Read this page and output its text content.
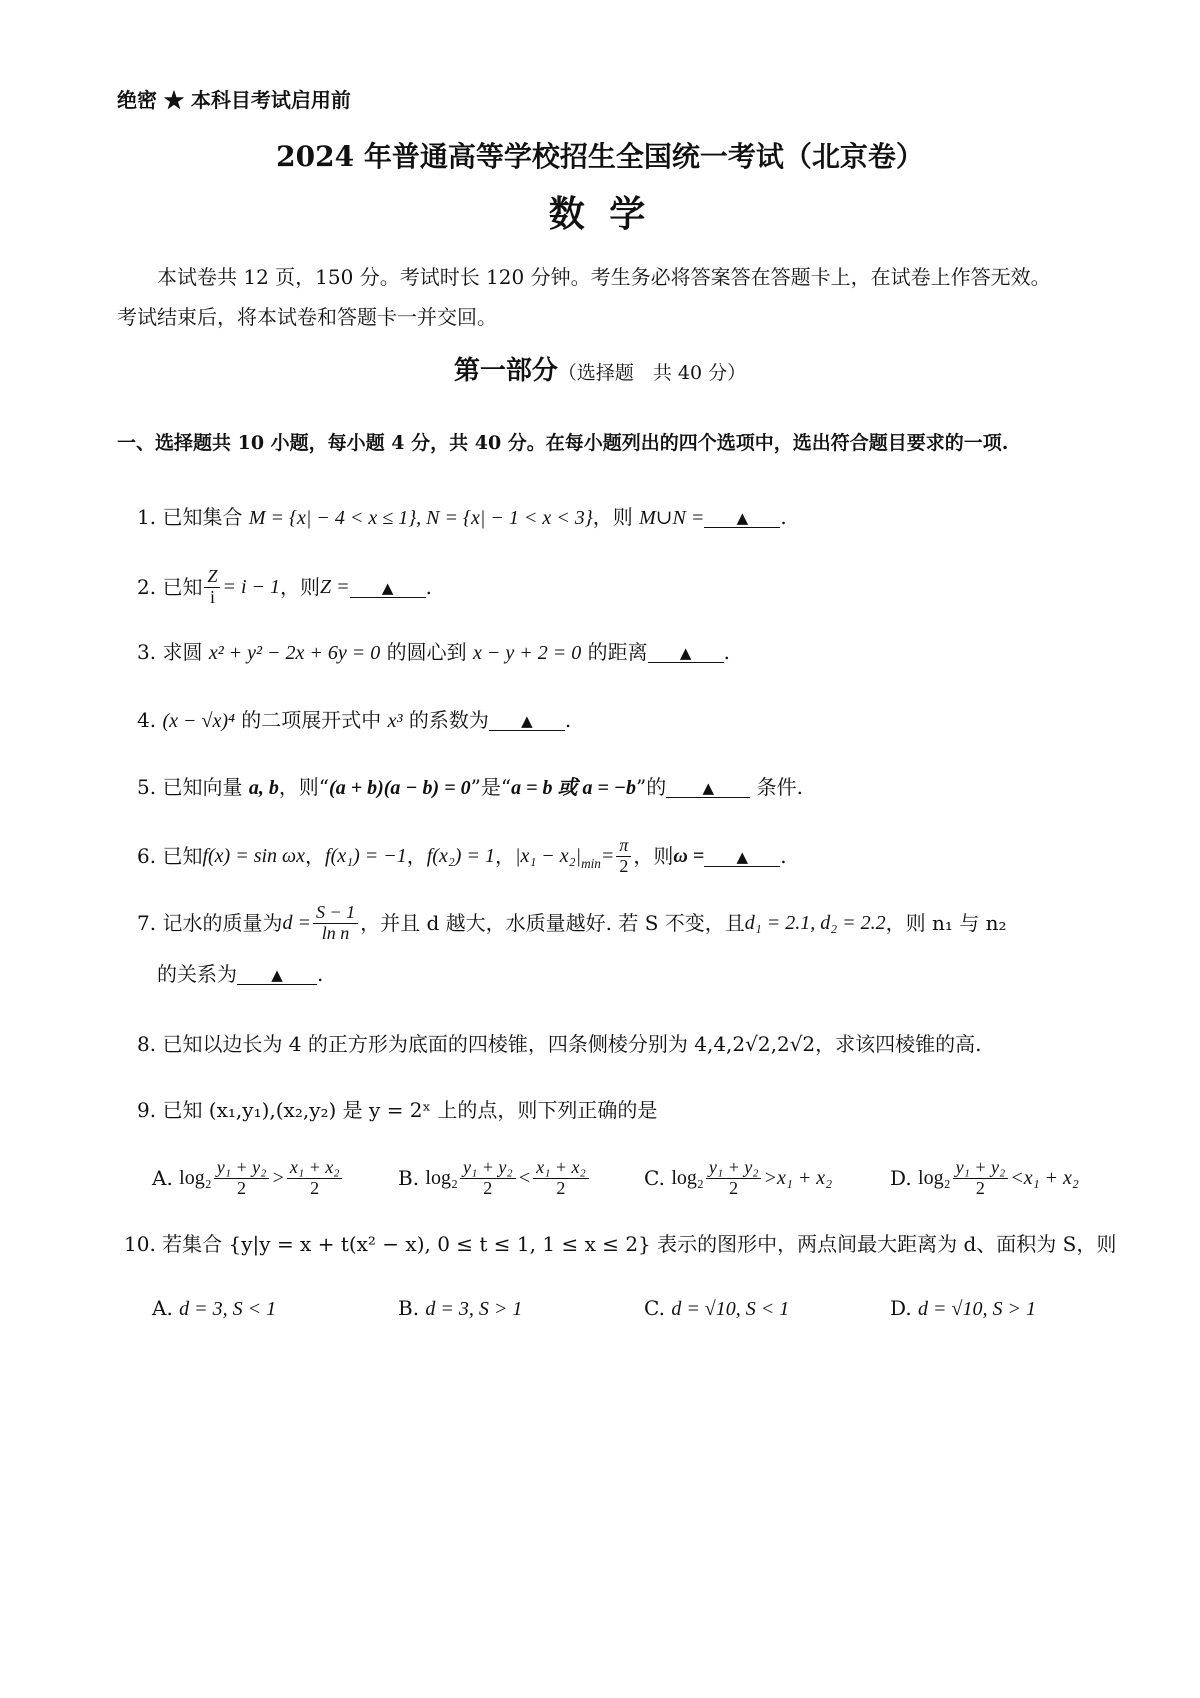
绝密 ★ 本科目考试启用前
2024 年普通高等学校招生全国统一考试（北京卷）
数 学
本试卷共 12 页，150 分。考试时长 120 分钟。考生务必将答案答在答题卡上，在试卷上作答无效。
考试结束后，将本试卷和答题卡一并交回。
第一部分（选择题　共 40 分）
一、选择题共 10 小题，每小题 4 分，共 40 分。在每小题列出的四个选项中，选出符合题目要求的一项.
1. 已知集合 M = {x| − 4 < x ≤ 1}, N = {x| − 1 < x < 3}，则 M∪N = ▲ .
2.
已知 $\frac{Z}{i} = i - 1$ ，则 Z =	▲	.
3. 求圆 x² + y² − 2x + 6y = 0 的圆心到 x − y + 2 = 0 的距离 ▲ .
4. (x − √x)⁴ 的二项展开式中 x³ 的系数为 ▲ .
5. 已知向量 a, b，则“(a + b)(a − b) = 0”是“a = b 或 a = −b”的 ▲ 条件.
6.
已知 f(x) = sin ωx ， f(x₁) = −1 ， f(x₂) = 1 ， $|x_1 - x_2|_{min} = \frac{\pi}{2}$ ，则 ω =	▲	.
7.
记水的质量为 $d = \frac{S - 1}{\text{ln n}}$ ，并且 d 越大，水质量越好. 若 S 不变，且 d₁ = 2.1, d₂ = 2.2 ，则 n₁ 与 n₂
的关系为 ▲ .
8. 已知以边长为 4 的正方形为底面的四棱锥，四条侧棱分别为 4,4,2√2,2√2，求该四棱锥的高.
9. 已知 (x₁,y₁),(x₂,y₂) 是 y = 2ˣ 上的点，则下列正确的是
A.
$\log_2 \frac{\text{y₁ + y₂}}{2} > \frac{\text{x₁ + x₂}}{2}$	B.
$\log_2 \frac{\text{y₁ + y₂}}{2} < \frac{\text{x₁ + x₂}}{2}$	C.
$\log_2 \frac{\text{y₁ + y₂}}{2} > x_1 + x_2$	D.
$\log_2 \frac{\text{y₁ + y₂}}{2} < x_1 + x_2$
10. 若集合 {y|y = x + t(x² − x), 0 ≤ t ≤ 1, 1 ≤ x ≤ 2} 表示的图形中，两点间最大距离为 d、面积为 S，则
A. d = 3, S < 1	B. d = 3, S > 1	C. d = √10, S < 1	D. d = √10, S > 1
